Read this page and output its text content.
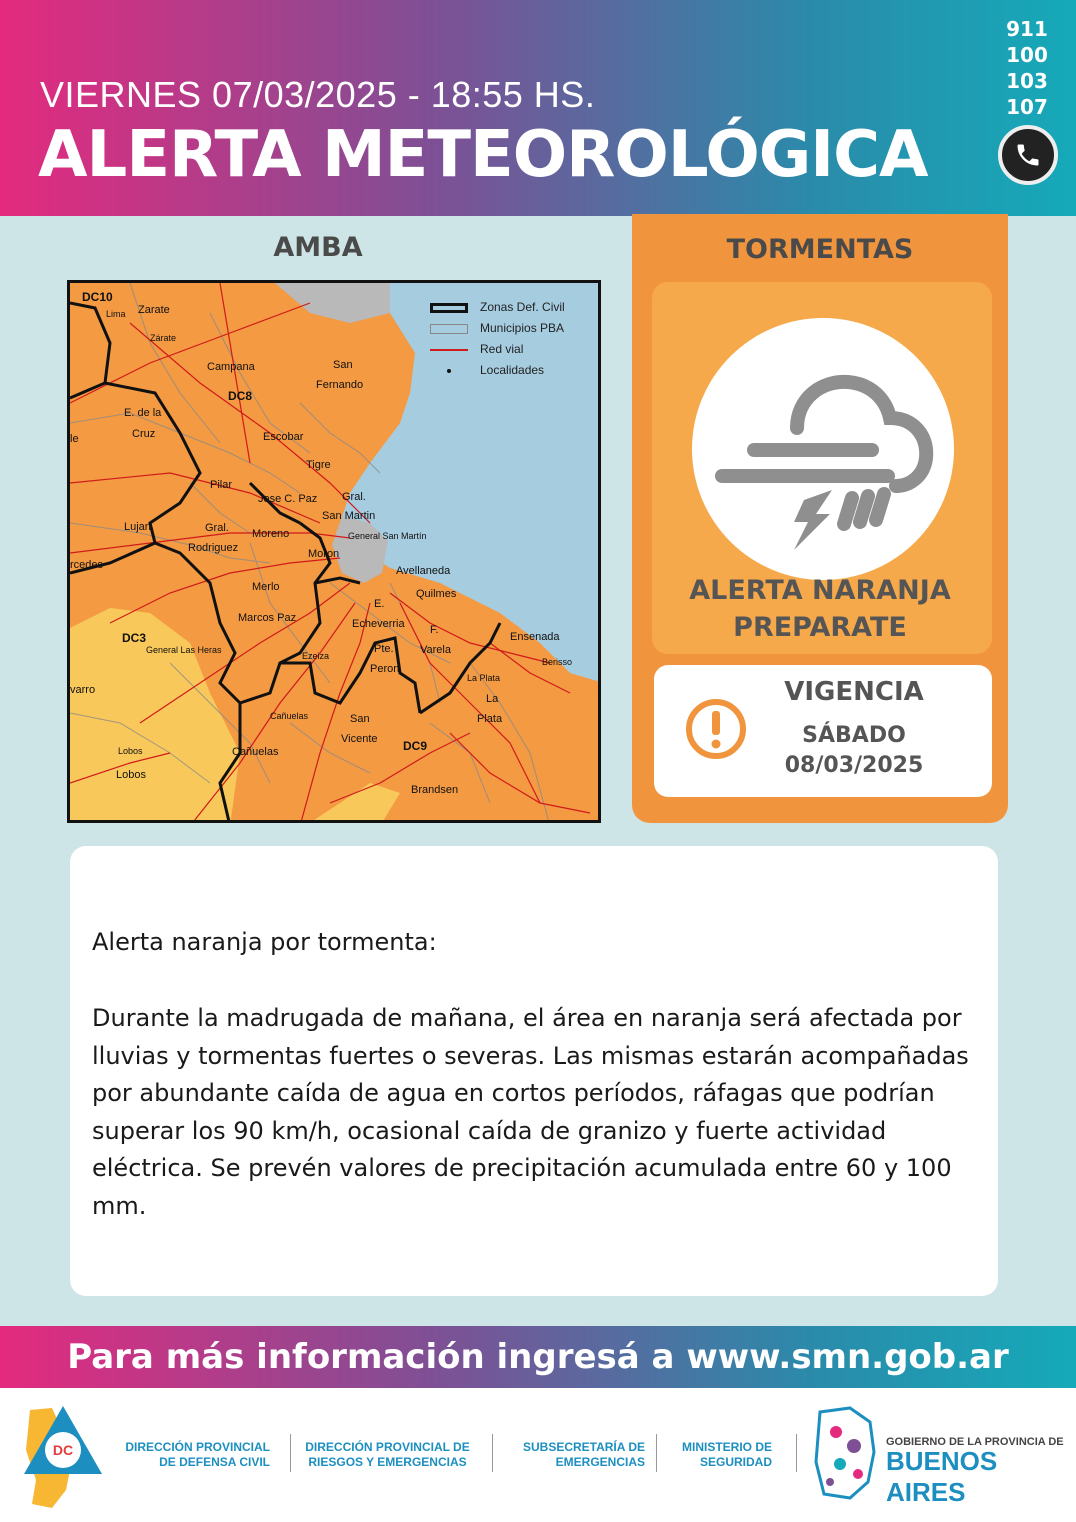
VIERNES 07/03/2025 - 18:55 HS.
ALERTA METEOROLÓGICA
911
100
103
107
AMBA
Zonas Def. Civil
Municipios PBA
Red vial
Localidades
DC10
DC8
DC3
DC9
Lima Zarate
Zárate
Campana	San
Fernando
E. de la
Cruz	Escobar
Tigre
Pilar
Jose C. Paz Gral.
San Martin
General San Martín
Lujan	Gral.
Rodriguez
Moreno
Moron
Avellaneda
Quilmes
Merlo
E.
Echeverria
Marcos Paz
F.
Varela
Ensenada
Berisso
General Las Heras
Ezeiza
Pte.
Peron
La Plata
La
Plata
Cañuelas	San
Vicente
Cañuelas
Lobos
Lobos
Brandsen
rcedes
varro
le
TORMENTAS
ALERTA NARANJA
PREPARATE
VIGENCIA
SÁBADO
08/03/2025

Alerta naranja por tormenta:

Durante la madrugada de mañana, el área en naranja será afectada por lluvias y tormentas fuertes o severas. Las mismas estarán acompañadas por abundante caída de agua en cortos períodos, ráfagas que podrían superar los 90 km/h, ocasional caída de granizo y fuerte actividad eléctrica. Se prevén valores de precipitación acumulada entre 60 y 100 mm.

Para más información ingresá a www.smn.gob.ar
DC	DIRECCIÓN PROVINCIAL
DE DEFENSA CIVIL
DIRECCIÓN PROVINCIAL DE
RIESGOS Y EMERGENCIAS
SUBSECRETARÍA DE
EMERGENCIAS
MINISTERIO DE
SEGURIDAD
GOBIERNO DE LA PROVINCIA DE
BUENOS AIRES
